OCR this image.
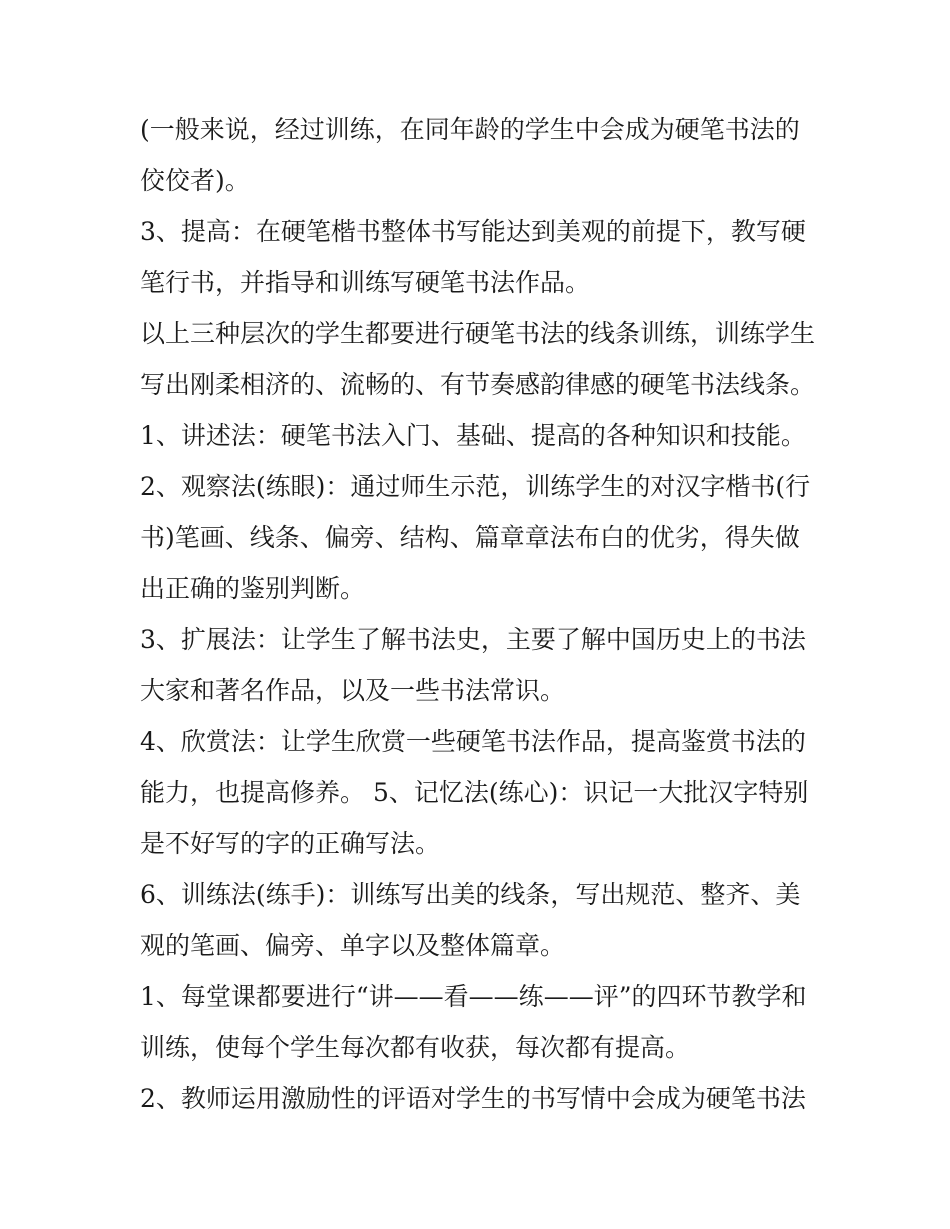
(一般来说，经过训练，在同年龄的学生中会成为硬笔书法的
佼佼者)。
3、提高：在硬笔楷书整体书写能达到美观的前提下，教写硬
笔行书，并指导和训练写硬笔书法作品。
以上三种层次的学生都要进行硬笔书法的线条训练，训练学生
写出刚柔相济的、流畅的、有节奏感韵律感的硬笔书法线条。
1、讲述法：硬笔书法入门、基础、提高的各种知识和技能。
2、观察法(练眼)：通过师生示范，训练学生的对汉字楷书(行
书)笔画、线条、偏旁、结构、篇章章法布白的优劣，得失做
出正确的鉴别判断。
3、扩展法：让学生了解书法史，主要了解中国历史上的书法
大家和著名作品，以及一些书法常识。
4、欣赏法：让学生欣赏一些硬笔书法作品，提高鉴赏书法的
能力，也提高修养。 5、记忆法(练心)：识记一大批汉字特别
是不好写的字的正确写法。
6、训练法(练手)：训练写出美的线条，写出规范、整齐、美
观的笔画、偏旁、单字以及整体篇章。
1、每堂课都要进行“讲——看——练——评”的四环节教学和
训练，使每个学生每次都有收获，每次都有提高。
2、教师运用激励性的评语对学生的书写情中会成为硬笔书法
